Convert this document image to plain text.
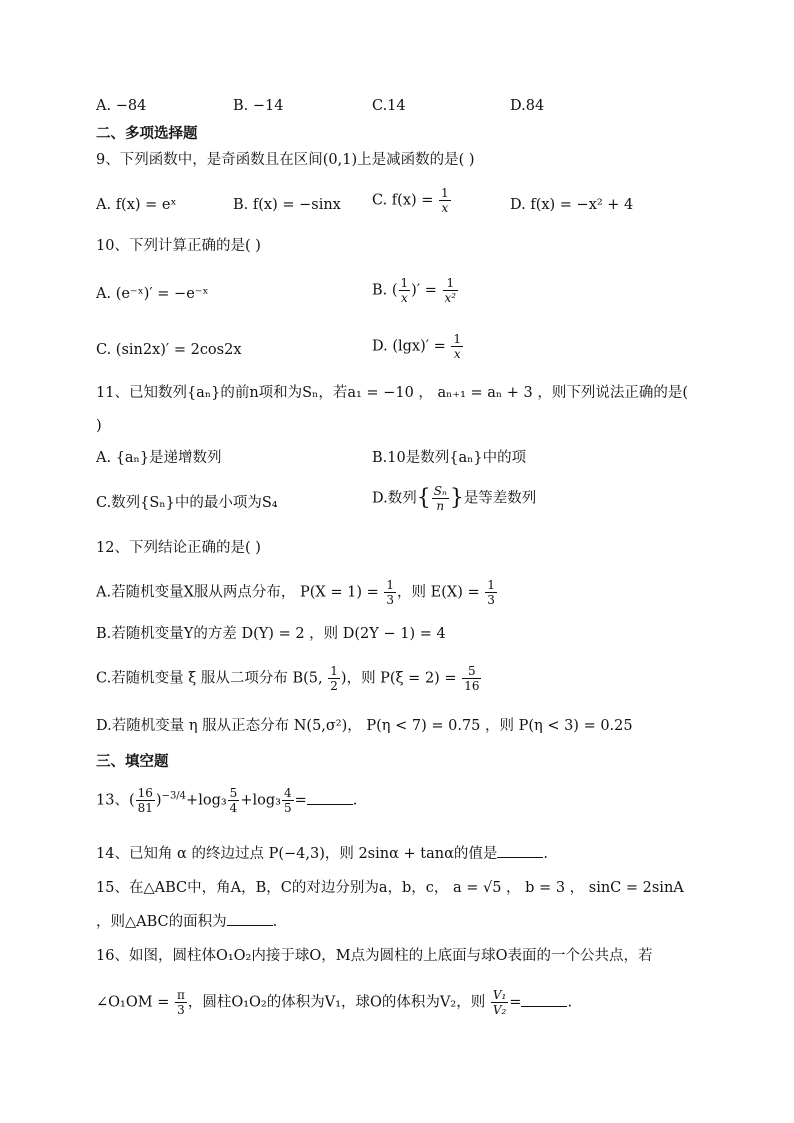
A. −84	B. −14	C.14	D.84
二、多项选择题
9、下列函数中，是奇函数且在区间(0,1)上是减函数的是( )
A. f(x) = eˣ	B. f(x) = −sinx C. $f(x) = \frac{1}{x}$	D. f(x) = −x² + 4
10、下列计算正确的是( )
A. (e⁻ˣ)′ = −e⁻ˣ	B. ( $\frac{1}{x}$ )′ = $\frac{1}{\text{x²}}$
C. (sin2x)′ = 2cos2x	D. $(\lg x)' = \frac{1}{x}$
11、已知数列{aₙ}的前n项和为Sₙ，若a₁ = −10 ， aₙ₊₁ = aₙ + 3 ，则下列说法正确的是(
)
A. {aₙ}是递增数列	B.10是数列{aₙ}中的项
C.数列{Sₙ}中的最小项为S₄	D.数列{ $\frac{\text{Sₙ}}{n}$ }是等差数列
12、下列结论正确的是( )
A.若随机变量X服从两点分布， $P(X = 1) = \frac{1}{3}$ ，则 $E(X) = \frac{1}{3}$
B.若随机变量Y的方差 D(Y) = 2 ，则 D(2Y − 1) = 4
C.若随机变量 ξ 服从二项分布 B(5, $\frac{1}{2}$ )，则 $P(\xi = 2) = \frac{5}{16}$
D.若随机变量 η 服从正态分布 N(5,σ²)， P(η < 7) = 0.75 ，则 P(η < 3) = 0.25
三、填空题
13、( $\frac{16}{81} )^{-3/4}+\log_3 \frac{5}{4} +\log_3 \frac{4}{5}$ =	.
14、已知角 α 的终边过点 P(−4,3)，则 2sinα + tanα的值是	.
15、在△ABC中，角A，B，C的对边分别为a，b，c， a = √5 ， b = 3 ， sinC = 2sinA
，则△ABC的面积为	.
16、如图，圆柱体O₁O₂内接于球O，M点为圆柱的上底面与球O表面的一个公共点，若
∠O₁OM = $\frac{\pi}{3}$ ，圆柱O₁O₂的体积为V₁，球O的体积为V₂，则 $\frac{\text{V₁}}{\text{V₂}}$ =	.
